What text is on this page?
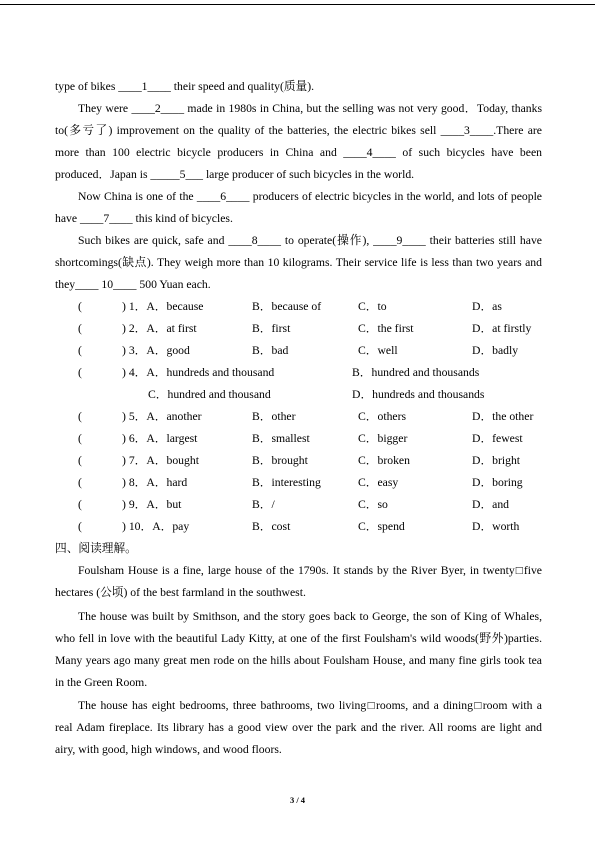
type of bikes ____1____ their speed and quality(质量).
They were ____2____ made in 1980s in China, but the selling was not very good．Today, thanks
to(多亏了) improvement on the quality of the batteries, the electric bikes sell ____3____.There are
more than 100 electric bicycle producers in China and ____4____ of such bicycles have been
produced．Japan is _____5___ large producer of such bicycles in the world.
Now China is one of the ____6____ producers of electric bicycles in the world, and lots of people
have ____7____ this kind of bicycles.
Such bikes are quick, safe and ____8____ to operate(操作), ____9____ their batteries still have
shortcomings(缺点). They weigh more than 10 kilograms. Their service life is less than two years and
they____ 10____ 500 Yuan each.
(	) 1．A．because	B．because of	C．to	D．as
(	) 2．A．at first	B．first	C．the first	D．at firstly
(	) 3．A．good	B．bad	C．well	D．badly
(	) 4．A．hundreds and thousand	B．hundred and thousands
C．hundred and thousand	D．hundreds and thousands
(	) 5．A．another	B．other	C．others	D．the other
(	) 6．A．largest	B．smallest	C．bigger	D．fewest
(	) 7．A．bought	B．brought	C．broken	D．bright
(	) 8．A．hard	B．interesting	C．easy	D．boring
(	) 9．A．but	B．/	C．so	D．and
(	) 10．A．pay	B．cost	C．spend	D．worth
四、阅读理解。
Foulsham House is a fine, large house of the 1790s. It stands by the River Byer, in twenty□five
hectares (公顷) of the best farmland in the southwest.
The house was built by Smithson, and the story goes back to George, the son of King of Whales,
who fell in love with the beautiful Lady Kitty, at one of the first Foulsham's wild woods(野外)parties.
Many years ago many great men rode on the hills about Foulsham House, and many fine girls took tea
in the Green Room.
The house has eight bedrooms, three bathrooms, two living□rooms, and a dining□room with a
real Adam fireplace. Its library has a good view over the park and the river. All rooms are light and
airy, with good, high windows, and wood floors.
3 / 4
